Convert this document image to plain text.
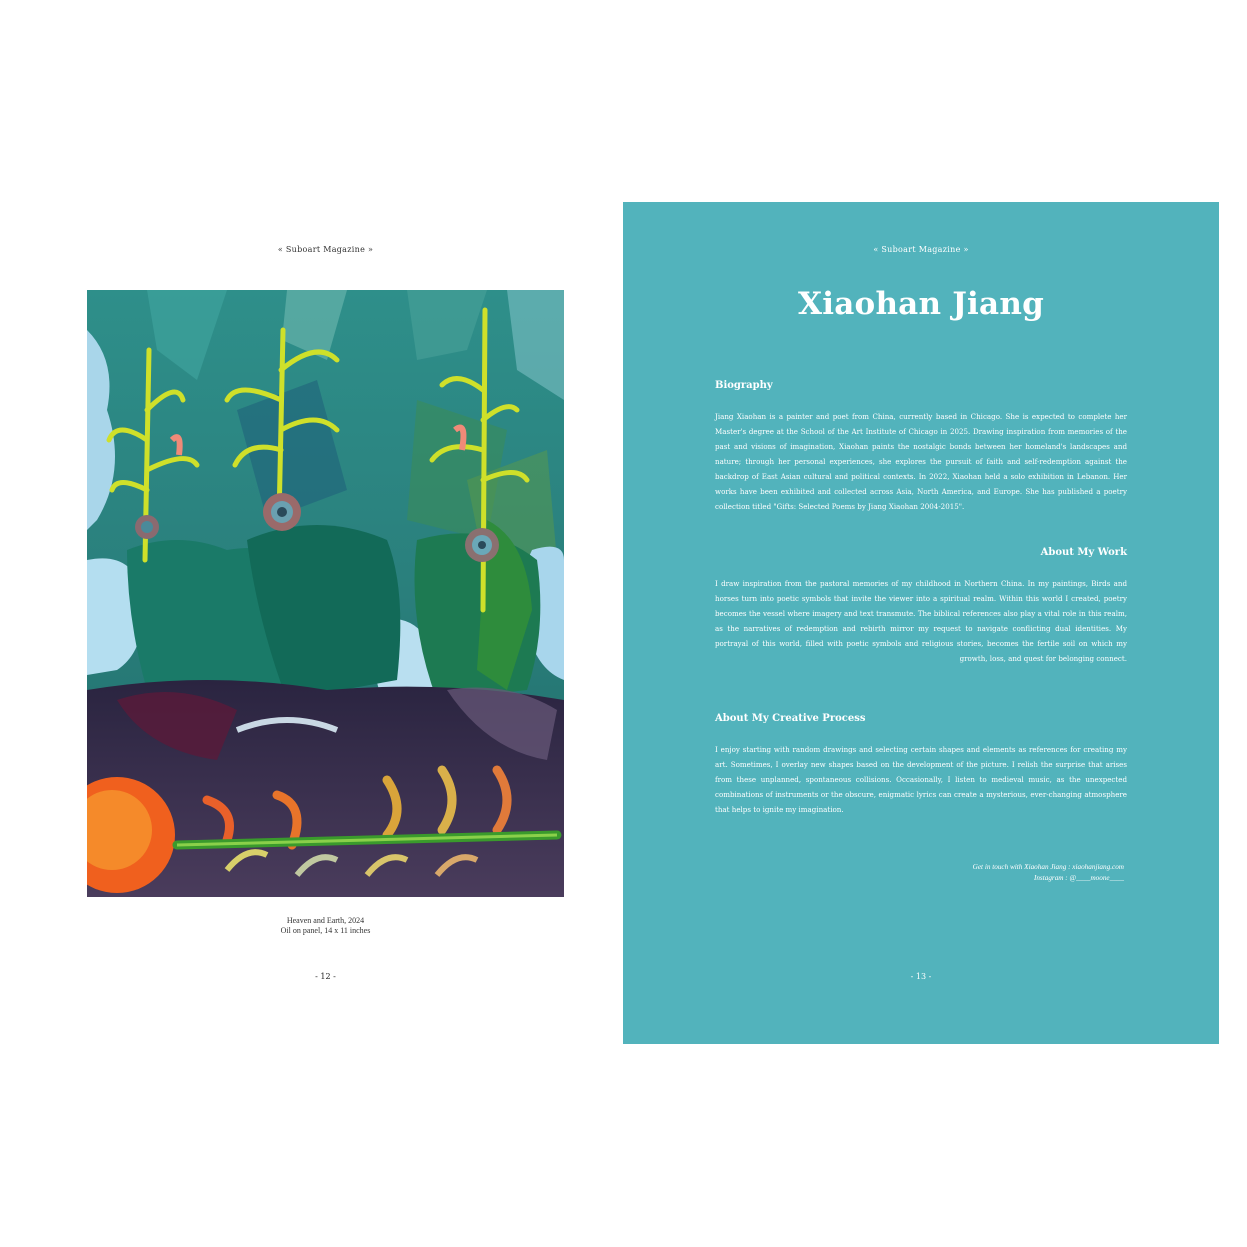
« Suboart Magazine »
Heaven and Earth, 2024
Oil on panel, 14 x 11 inches
- 12 -
« Suboart Magazine »
Xiaohan Jiang
Biography
Jiang Xiaohan is a painter and poet from China, currently based in Chicago. She is expected to complete her Master's degree at the School of the Art Institute of Chicago in 2025. Drawing inspiration from memories of the past and visions of imagination, Xiaohan paints the nostalgic bonds between her homeland's landscapes and nature; through her personal experiences, she explores the pursuit of faith and self-redemption against the backdrop of East Asian cultural and political contexts. In 2022, Xiaohan held a solo exhibition in Lebanon. Her works have been exhibited and collected across Asia, North America, and Europe. She has published a poetry collection titled "Gifts: Selected Poems by Jiang Xiaohan 2004-2015".
About My Work
I draw inspiration from the pastoral memories of my childhood in Northern China. In my paintings, Birds and horses turn into poetic symbols that invite the viewer into a spiritual realm. Within this world I created, poetry becomes the vessel where imagery and text transmute. The biblical references also play a vital role in this realm, as the narratives of redemption and rebirth mirror my request to navigate conflicting dual identities. My portrayal of this world, filled with poetic symbols and religious stories, becomes the fertile soil on which my growth, loss, and quest for belonging connect.
About My Creative Process
I enjoy starting with random drawings and selecting certain shapes and elements as references for creating my art. Sometimes, I overlay new shapes based on the development of the picture. I relish the surprise that arises from these unplanned, spontaneous collisions. Occasionally, I listen to medieval music, as the unexpected combinations of instruments or the obscure, enigmatic lyrics can create a mysterious, ever-changing atmosphere that helps to ignite my imagination.
Get in touch with Xiaohan Jiang : xiaohanjiang.com
Instagram : @____moone____
- 13 -
